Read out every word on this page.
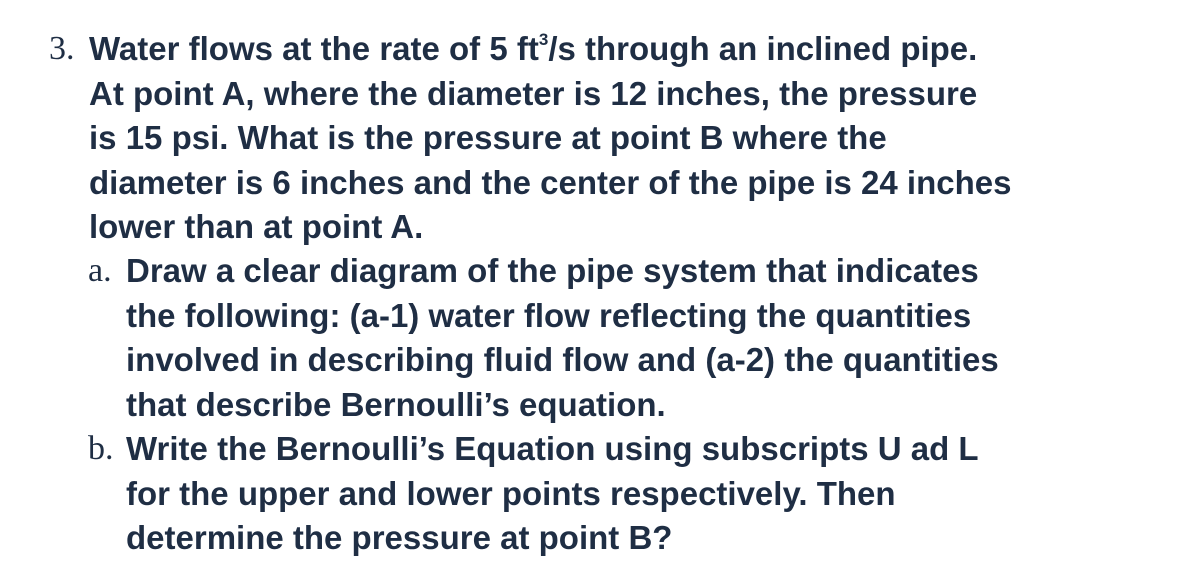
3. Water flows at the rate of 5 $ft^3/s$ through an inclined pipe.
At point A, where the diameter is 12 inches, the pressure
is 15 psi. What is the pressure at point B where the
diameter is 6 inches and the center of the pipe is 24 inches
lower than at point A.
a. Draw a clear diagram of the pipe system that indicates
the following: (a-1) water flow reflecting the quantities
involved in describing fluid flow and (a-2) the quantities
that describe Bernoulli’s equation.
b. Write the Bernoulli’s Equation using subscripts U ad L
for the upper and lower points respectively. Then
determine the pressure at point B?
